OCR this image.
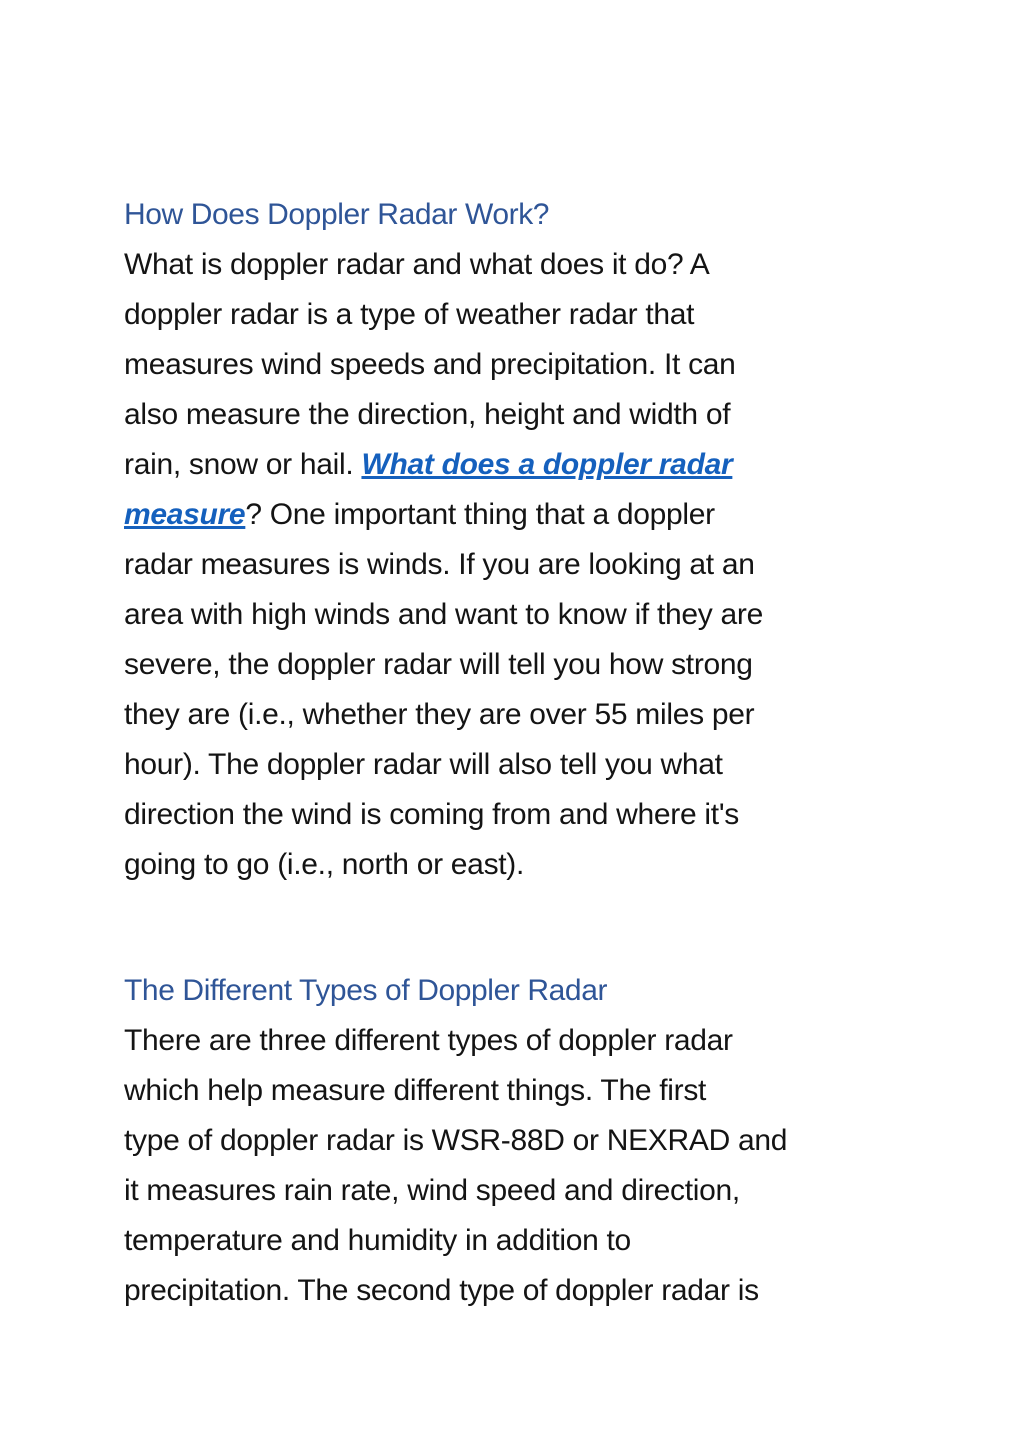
How Does Doppler Radar Work?

What is doppler radar and what does it do? A
doppler radar is a type of weather radar that
measures wind speeds and precipitation. It can
also measure the direction, height and width of
rain, snow or hail. What does a doppler radar
measure? One important thing that a doppler
radar measures is winds. If you are looking at an
area with high winds and want to know if they are
severe, the doppler radar will tell you how strong
they are (i.e., whether they are over 55 miles per
hour). The doppler radar will also tell you what
direction the wind is coming from and where it's
going to go (i.e., north or east).

The Different Types of Doppler Radar

There are three different types of doppler radar
which help measure different things. The first
type of doppler radar is WSR-88D or NEXRAD and
it measures rain rate, wind speed and direction,
temperature and humidity in addition to
precipitation. The second type of doppler radar is
